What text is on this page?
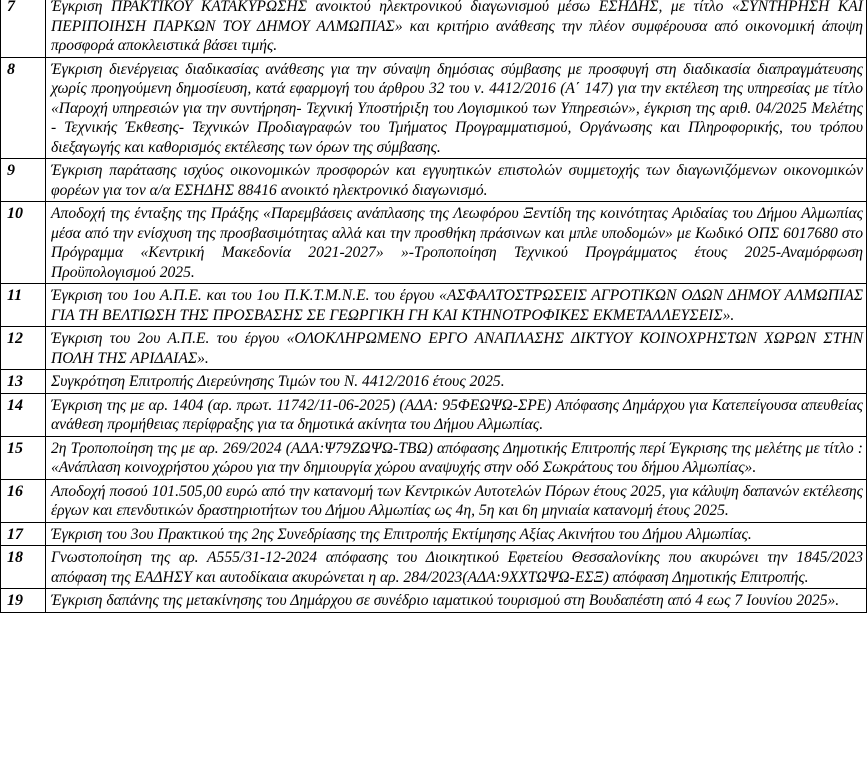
7	Έγκριση ΠΡΑΚΤΙΚΟΥ ΚΑΤΑΚΥΡΩΣΗΣ ανοικτού ηλεκτρονικού διαγωνισμού μέσω ΕΣΗΔΗΣ, με τίτλο «ΣΥΝΤΗΡΗΣΗ ΚΑΙ ΠΕΡΙΠΟΙΗΣΗ ΠΑΡΚΩΝ ΤΟΥ ΔΗΜΟΥ ΑΛΜΩΠΙΑΣ» και κριτήριο ανάθεσης την πλέον συμφέρουσα από οικονομική άποψη προσφορά αποκλειστικά βάσει τιμής.
8	Έγκριση διενέργειας διαδικασίας ανάθεσης για την σύναψη δημόσιας σύμβασης με προσφυγή στη διαδικασία διαπραγμάτευσης χωρίς προηγούμενη δημοσίευση, κατά εφαρμογή του άρθρου 32 του ν. 4412/2016 (Α΄ 147) για την εκτέλεση της υπηρεσίας με τίτλο «Παροχή υπηρεσιών για την συντήρηση- Τεχνική Υποστήριξη του Λογισμικού των Υπηρεσιών», έγκριση της αριθ. 04/2025 Μελέτης - Τεχνικής Έκθεσης- Τεχνικών Προδιαγραφών του Τμήματος Προγραμματισμού, Οργάνωσης και Πληροφορικής, του τρόπου διεξαγωγής και καθορισμός εκτέλεσης των όρων της σύμβασης.
9	Έγκριση παράτασης ισχύος οικονομικών προσφορών και εγγυητικών επιστολών συμμετοχής των διαγωνιζόμενων οικονομικών φορέων για τον α/α ΕΣΗΔΗΣ 88416 ανοικτό ηλεκτρονικό διαγωνισμό.
10	Αποδοχή της ένταξης της Πράξης «Παρεμβάσεις ανάπλασης της Λεωφόρου Ξεντίδη της κοινότητας Αριδαίας του Δήμου Αλμωπίας μέσα από την ενίσχυση της προσβασιμότητας αλλά και την προσθήκη πράσινων και μπλε υποδομών» με Κωδικό ΟΠΣ 6017680 στο Πρόγραμμα «Κεντρική Μακεδονία 2021-2027» »-Τροποποίηση Τεχνικού Προγράμματος έτους 2025-Αναμόρφωση Προϋπολογισμού 2025.
11	Έγκριση του 1ου Α.Π.Ε. και του 1ου Π.Κ.Τ.Μ.Ν.Ε. του έργου «ΑΣΦΑΛΤΟΣΤΡΩΣΕΙΣ ΑΓΡΟΤΙΚΩΝ ΟΔΩΝ ΔΗΜΟΥ ΑΛΜΩΠΙΑΣ ΓΙΑ ΤΗ ΒΕΛΤΙΩΣΗ ΤΗΣ ΠΡΟΣΒΑΣΗΣ ΣΕ ΓΕΩΡΓΙΚΗ ΓΗ ΚΑΙ ΚΤΗΝΟΤΡΟΦΙΚΕΣ ΕΚΜΕΤΑΛΛΕΥΣΕΙΣ».
12	Έγκριση του 2ου Α.Π.Ε. του έργου «ΟΛΟΚΛΗΡΩΜΕΝΟ ΕΡΓΟ ΑΝΑΠΛΑΣΗΣ ΔΙΚΤΥΟΥ ΚΟΙΝΟΧΡΗΣΤΩΝ ΧΩΡΩΝ ΣΤΗΝ ΠΟΛΗ ΤΗΣ ΑΡΙΔΑΙΑΣ».
13	Συγκρότηση Επιτροπής Διερεύνησης Τιμών του Ν. 4412/2016 έτους 2025.
14	Έγκριση της με αρ. 1404 (αρ. πρωτ. 11742/11-06-2025) (ΑΔΑ: 95ΦΕΩΨΩ-ΣΡΕ) Απόφασης Δημάρχου για Κατεπείγουσα απευθείας ανάθεση προμήθειας περίφραξης για τα δημοτικά ακίνητα του Δήμου Αλμωπίας.
15	2η Τροποποίηση της με αρ. 269/2024 (ΑΔΑ:Ψ79ΖΩΨΩ-ΤΒΩ) απόφασης Δημοτικής Επιτροπής περί Έγκρισης της μελέτης με τίτλο : «Ανάπλαση κοινοχρήστου χώρου για την δημιουργία χώρου αναψυχής στην οδό Σωκράτους του δήμου Αλμωπίας».
16	Αποδοχή ποσού 101.505,00 ευρώ από την κατανομή των Κεντρικών Αυτοτελών Πόρων έτους 2025, για κάλυψη δαπανών εκτέλεσης έργων και επενδυτικών δραστηριοτήτων του Δήμου Αλμωπίας ως 4η, 5η και 6η μηνιαία κατανομή έτους 2025.
17	Έγκριση του 3ου Πρακτικού της 2ης Συνεδρίασης της Επιτροπής Εκτίμησης Αξίας Ακινήτου του Δήμου Αλμωπίας.
18	Γνωστοποίηση της αρ. Α555/31-12-2024 απόφασης του Διοικητικού Εφετείου Θεσσαλονίκης που ακυρώνει την 1845/2023 απόφαση της ΕΑΔΗΣΥ και αυτοδίκαια ακυρώνεται η αρ. 284/2023(ΑΔΑ:9ΧΧΤΩΨΩ-ΕΣΞ) απόφαση Δημοτικής Επιτροπής.
19	Έγκριση δαπάνης της μετακίνησης του Δημάρχου σε συνέδριο ιαματικού τουρισμού στη Βουδαπέστη από 4 εως 7 Ιουνίου 2025».
